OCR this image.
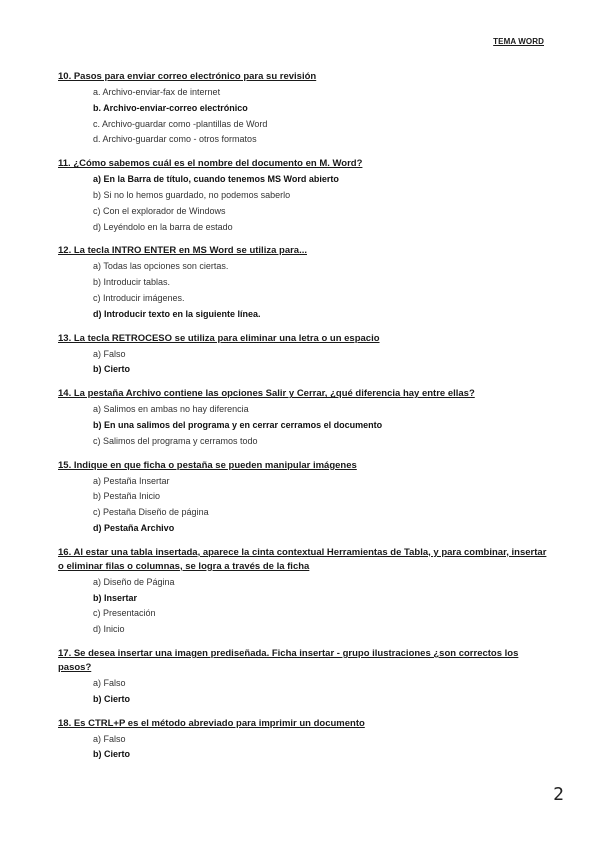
TEMA WORD

10. Pasos para enviar correo electrónico para su revisión

a. Archivo-enviar-fax de internet
b. Archivo-enviar-correo electrónico
c. Archivo-guardar como -plantillas de Word
d. Archivo-guardar como - otros formatos

11. ¿Cómo sabemos cuál es el nombre del documento en M. Word?

a) En la Barra de título, cuando tenemos MS Word abierto
b) Si no lo hemos guardado, no podemos saberlo
c) Con el explorador de Windows
d) Leyéndolo en la barra de estado

12. La tecla INTRO ENTER en MS Word se utiliza para...

a) Todas las opciones son ciertas.
b) Introducir tablas.
c) Introducir imágenes.
d) Introducir texto en la siguiente línea.

13. La tecla RETROCESO se utiliza para eliminar una letra o un espacio

a) Falso
b) Cierto

14. La pestaña Archivo contiene las opciones Salir y Cerrar, ¿qué diferencia hay entre ellas?

a) Salimos en ambas no hay diferencia
b) En una salimos del programa y en cerrar cerramos el documento
c) Salimos del programa y cerramos todo

15. Indique en que ficha o pestaña se pueden manipular imágenes

a) Pestaña Insertar
b) Pestaña Inicio
c) Pestaña Diseño de página
d) Pestaña Archivo

16. Al estar una tabla insertada, aparece la cinta contextual Herramientas de Tabla, y para combinar, insertar o eliminar filas o columnas, se logra a través de la ficha

a) Diseño de Página
b) Insertar
c) Presentación
d) Inicio

17. Se desea insertar una imagen prediseñada. Ficha insertar - grupo ilustraciones ¿son correctos los pasos?

a) Falso
b) Cierto

18. Es CTRL+P es el método abreviado para imprimir un documento

a) Falso
b) Cierto
2
